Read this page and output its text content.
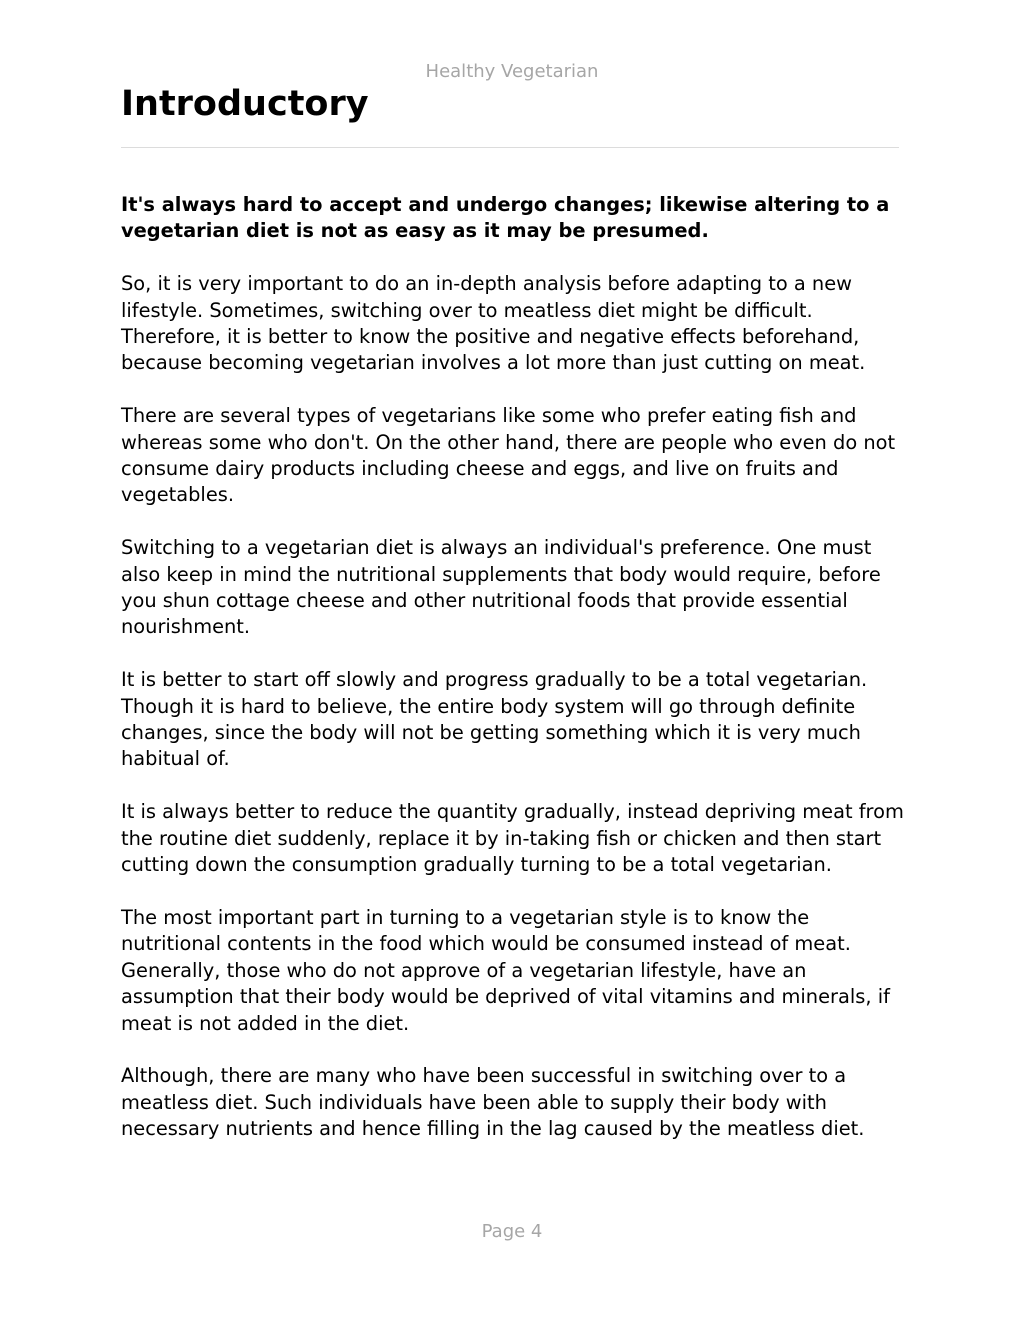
Healthy Vegetarian
Introductory

It's always hard to accept and undergo changes; likewise altering to a vegetarian diet is not as easy as it may be presumed.

So, it is very important to do an in-depth analysis before adapting to a new lifestyle. Sometimes, switching over to meatless diet might be difficult. Therefore, it is better to know the positive and negative effects beforehand, because becoming vegetarian involves a lot more than just cutting on meat.

There are several types of vegetarians like some who prefer eating fish and whereas some who don't. On the other hand, there are people who even do not consume dairy products including cheese and eggs, and live on fruits and vegetables.

Switching to a vegetarian diet is always an individual's preference. One must also keep in mind the nutritional supplements that body would require, before you shun cottage cheese and other nutritional foods that provide essential nourishment.

It is better to start off slowly and progress gradually to be a total vegetarian. Though it is hard to believe, the entire body system will go through definite changes, since the body will not be getting something which it is very much habitual of.

It is always better to reduce the quantity gradually, instead depriving meat from the routine diet suddenly, replace it by in-taking fish or chicken and then start cutting down the consumption gradually turning to be a total vegetarian.

The most important part in turning to a vegetarian style is to know the nutritional contents in the food which would be consumed instead of meat. Generally, those who do not approve of a vegetarian lifestyle, have an assumption that their body would be deprived of vital vitamins and minerals, if meat is not added in the diet.

Although, there are many who have been successful in switching over to a meatless diet. Such individuals have been able to supply their body with necessary nutrients and hence filling in the lag caused by the meatless diet.

Page 4
